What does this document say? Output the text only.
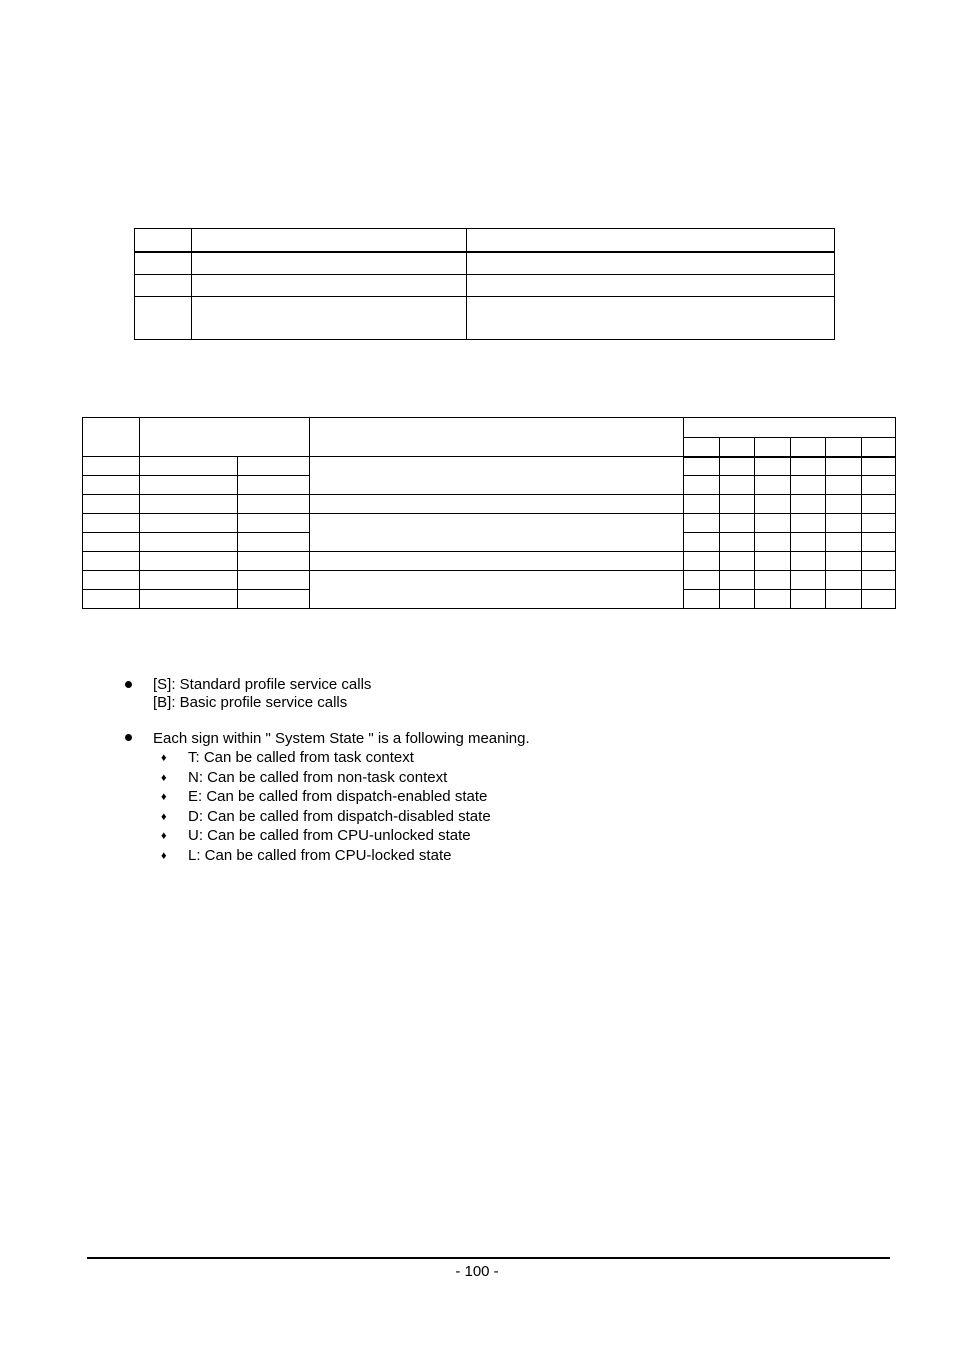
[S]: Standard profile service calls
[B]: Basic profile service calls
Each sign within " System State " is a following meaning.
♦ T: Can be called from task context
♦ N: Can be called from non-task context
♦ E: Can be called from dispatch-enabled state
♦ D: Can be called from dispatch-disabled state
♦ U: Can be called from CPU-unlocked state
♦ L: Can be called from CPU-locked state
- 100 -
